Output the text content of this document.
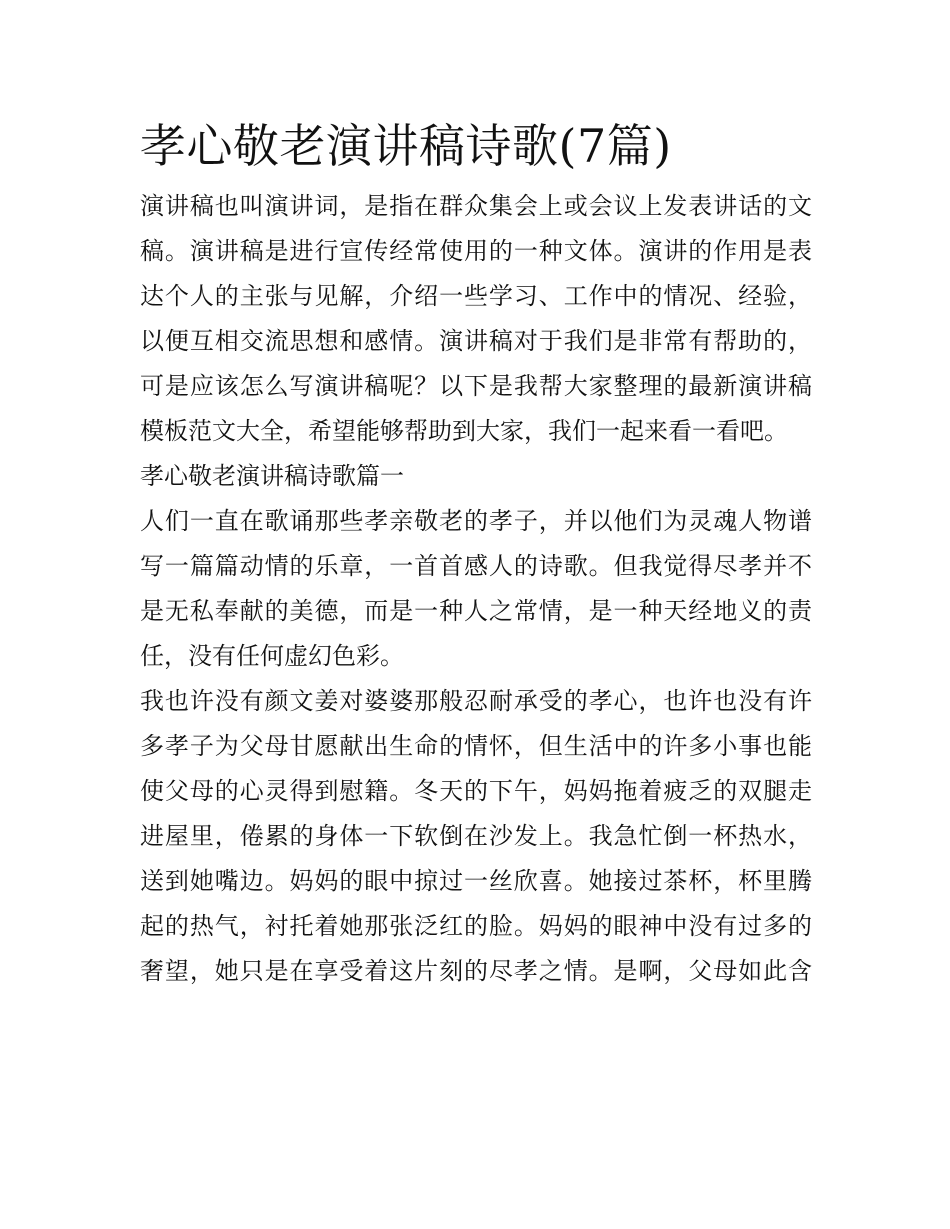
孝心敬老演讲稿诗歌(7篇)
演讲稿也叫演讲词，是指在群众集会上或会议上发表讲话的文
稿。演讲稿是进行宣传经常使用的一种文体。演讲的作用是表
达个人的主张与见解，介绍一些学习、工作中的情况、经验，
以便互相交流思想和感情。演讲稿对于我们是非常有帮助的，
可是应该怎么写演讲稿呢？以下是我帮大家整理的最新演讲稿
模板范文大全，希望能够帮助到大家，我们一起来看一看吧。
孝心敬老演讲稿诗歌篇一
人们一直在歌诵那些孝亲敬老的孝子，并以他们为灵魂人物谱
写一篇篇动情的乐章，一首首感人的诗歌。但我觉得尽孝并不
是无私奉献的美德，而是一种人之常情，是一种天经地义的责
任，没有任何虚幻色彩。
我也许没有颜文姜对婆婆那般忍耐承受的孝心，也许也没有许
多孝子为父母甘愿献出生命的情怀，但生活中的许多小事也能
使父母的心灵得到慰籍。冬天的下午，妈妈拖着疲乏的双腿走
进屋里，倦累的身体一下软倒在沙发上。我急忙倒一杯热水，
送到她嘴边。妈妈的眼中掠过一丝欣喜。她接过茶杯，杯里腾
起的热气，衬托着她那张泛红的脸。妈妈的眼神中没有过多的
奢望，她只是在享受着这片刻的尽孝之情。是啊，父母如此含
